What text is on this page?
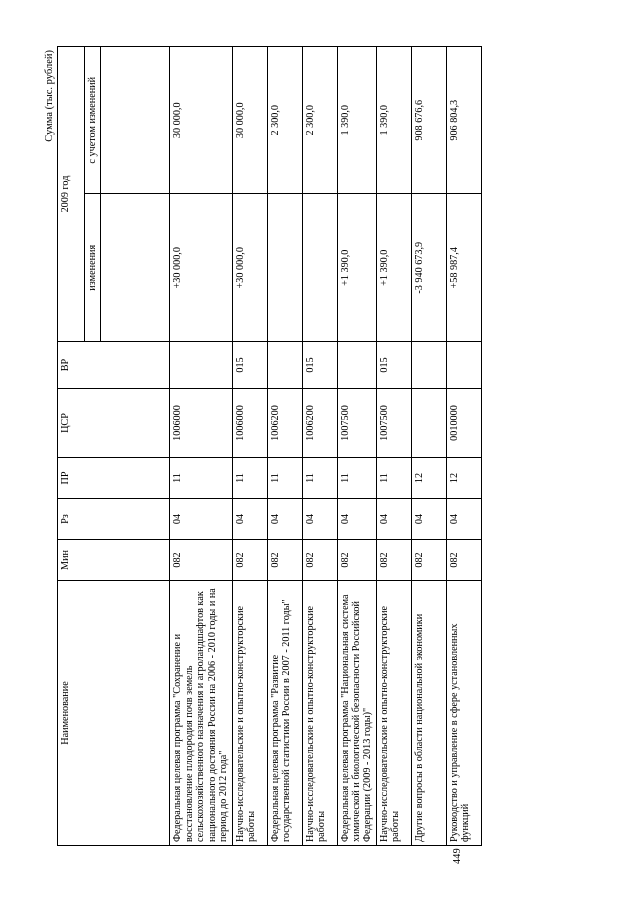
449
Сумма (тыс. рублей)
Наименование	Мин	Рз	ПР	ЦСР	ВР	2009 год	
						изменения	с учетом изменений

Федеральная целевая программа "Сохранение и восстановление плодородия почв земель сельскохозяйственного назначения и агроландшафтов как национального достояния России на 2006 - 2010 годы и на период до 2012 года"	082	04	11	1006000		+30 000,0	30 000,0
Научно-исследовательские и опытно-конструкторские работы	082	04	11	1006000	015	+30 000,0	30 000,0
Федеральная целевая программа "Развитие государственной статистики России в 2007 - 2011 годы"	082	04	11	1006200			2 300,0
Научно-исследовательские и опытно-конструкторские работы	082	04	11	1006200	015		2 300,0
Федеральная целевая программа "Национальная система химической и биологической безопасности Российской Федерации (2009 - 2013 годы)"	082	04	11	1007500		+1 390,0	1 390,0
Научно-исследовательские и опытно-конструкторские работы	082	04	11	1007500	015	+1 390,0	1 390,0
Другие вопросы в области национальной экономики	082	04	12			-3 940 673,9	908 676,6
Руководство и управление в сфере установленных функций	082	04	12	0010000		+58 987,4	906 804,3
